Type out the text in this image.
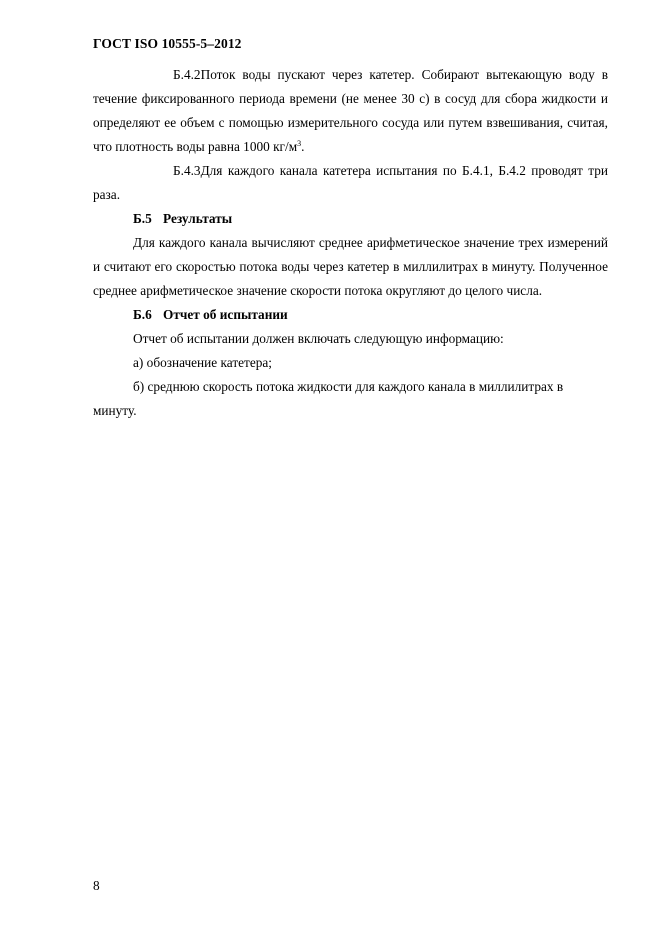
ГОСТ ISO 10555-5–2012

Б.4.2Поток воды пускают через катетер. Собирают вытекающую воду в течение фиксированного периода времени (не менее 30 с) в сосуд для сбора жидкости и определяют ее объем с помощью измерительного сосуда или путем взвешивания, считая, что плотность воды равна 1000 $кг/м^3$.

Б.4.3Для каждого канала катетера испытания по Б.4.1, Б.4.2 проводят три раза.

Б.5 Результаты

Для каждого канала вычисляют среднее арифметическое значение трех измерений и считают его скоростью потока воды через катетер в миллилитрах в минуту. Полученное среднее арифметическое значение скорости потока округляют до целого числа.

Б.6 Отчет об испытании

Отчет об испытании должен включать следующую информацию:

а) обозначение катетера;

б) среднюю скорость потока жидкости для каждого канала в миллилитрах в минуту.

8
